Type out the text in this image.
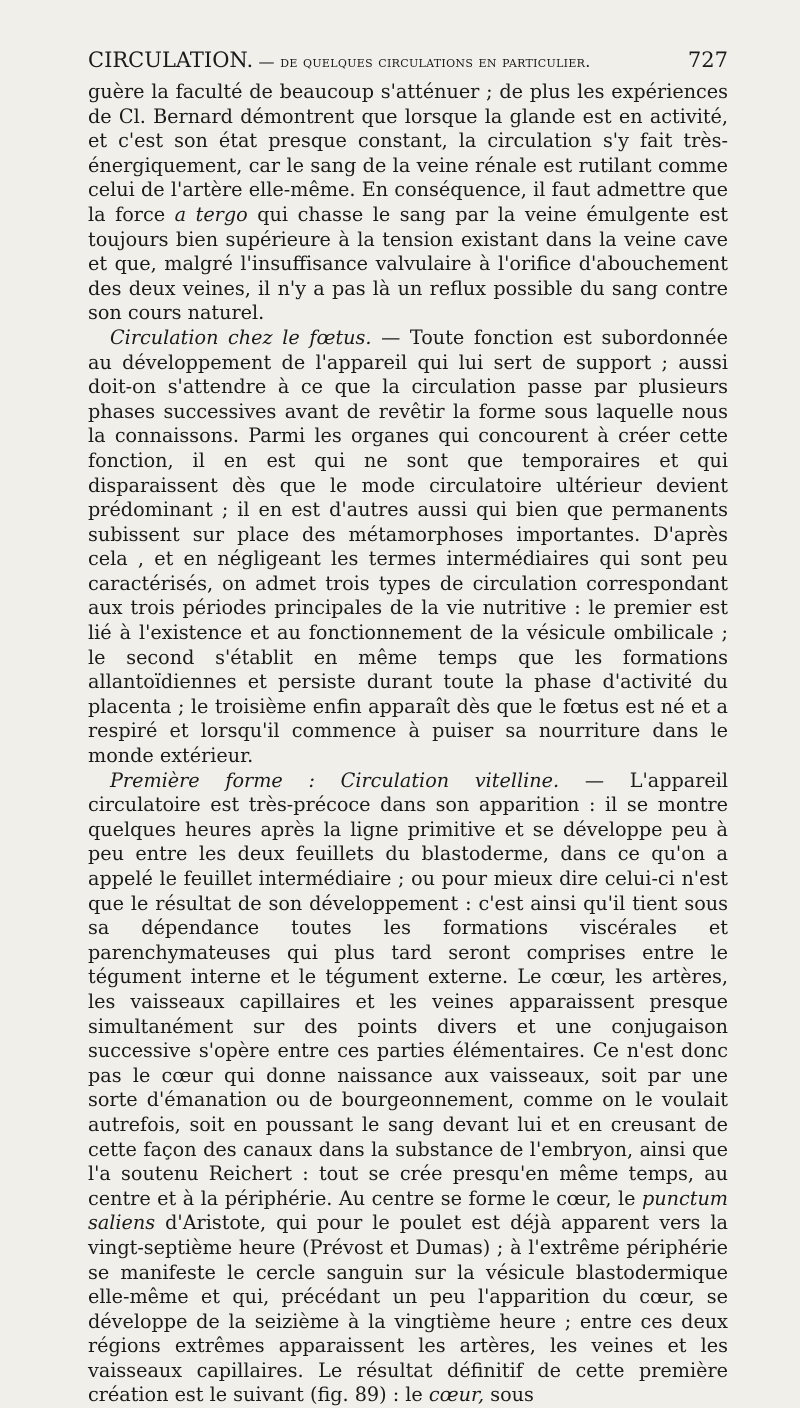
CIRCULATION. — de quelques circulations en particulier.	727

guère la faculté de beaucoup s'atténuer ; de plus les expériences de Cl. Bernard démontrent que lorsque la glande est en activité, et c'est son état presque constant, la circulation s'y fait très-énergiquement, car le sang de la veine rénale est rutilant comme celui de l'artère elle-même. En conséquence, il faut admettre que la force a tergo qui chasse le sang par la veine émulgente est toujours bien supérieure à la tension existant dans la veine cave et que, malgré l'insuffisance valvulaire à l'orifice d'abouchement des deux veines, il n'y a pas là un reflux possible du sang contre son cours naturel.

Circulation chez le fœtus. — Toute fonction est subordonnée au développement de l'appareil qui lui sert de support ; aussi doit-on s'attendre à ce que la circulation passe par plusieurs phases successives avant de revêtir la forme sous laquelle nous la connaissons. Parmi les organes qui concourent à créer cette fonction, il en est qui ne sont que temporaires et qui disparaissent dès que le mode circulatoire ultérieur devient prédominant ; il en est d'autres aussi qui bien que permanents subissent sur place des métamorphoses importantes. D'après cela , et en négligeant les termes intermédiaires qui sont peu caractérisés, on admet trois types de circulation correspondant aux trois périodes principales de la vie nutritive : le premier est lié à l'existence et au fonctionnement de la vésicule ombilicale ; le second s'établit en même temps que les formations allantoïdiennes et persiste durant toute la phase d'activité du placenta ; le troisième enfin apparaît dès que le fœtus est né et a respiré et lorsqu'il commence à puiser sa nourriture dans le monde extérieur.

Première forme : Circulation vitelline. — L'appareil circulatoire est très-précoce dans son apparition : il se montre quelques heures après la ligne primitive et se développe peu à peu entre les deux feuillets du blastoderme, dans ce qu'on a appelé le feuillet intermédiaire ; ou pour mieux dire celui-ci n'est que le résultat de son développement : c'est ainsi qu'il tient sous sa dépendance toutes les formations viscérales et parenchymateuses qui plus tard seront comprises entre le tégument interne et le tégument externe. Le cœur, les artères, les vaisseaux capillaires et les veines apparaissent presque simultanément sur des points divers et une conjugaison successive s'opère entre ces parties élémentaires. Ce n'est donc pas le cœur qui donne naissance aux vaisseaux, soit par une sorte d'émanation ou de bourgeonnement, comme on le voulait autrefois, soit en poussant le sang devant lui et en creusant de cette façon des canaux dans la substance de l'embryon, ainsi que l'a soutenu Reichert : tout se crée presqu'en même temps, au centre et à la périphérie. Au centre se forme le cœur, le punctum saliens d'Aristote, qui pour le poulet est déjà apparent vers la vingt-septième heure (Prévost et Dumas) ; à l'extrême périphérie se manifeste le cercle sanguin sur la vésicule blastodermique elle-même et qui, précédant un peu l'apparition du cœur, se développe de la seizième à la vingtième heure ; entre ces deux régions extrêmes apparaissent les artères, les veines et les vaisseaux capillaires. Le résultat définitif de cette première création est le suivant (fig. 89) : le cœur, sous
